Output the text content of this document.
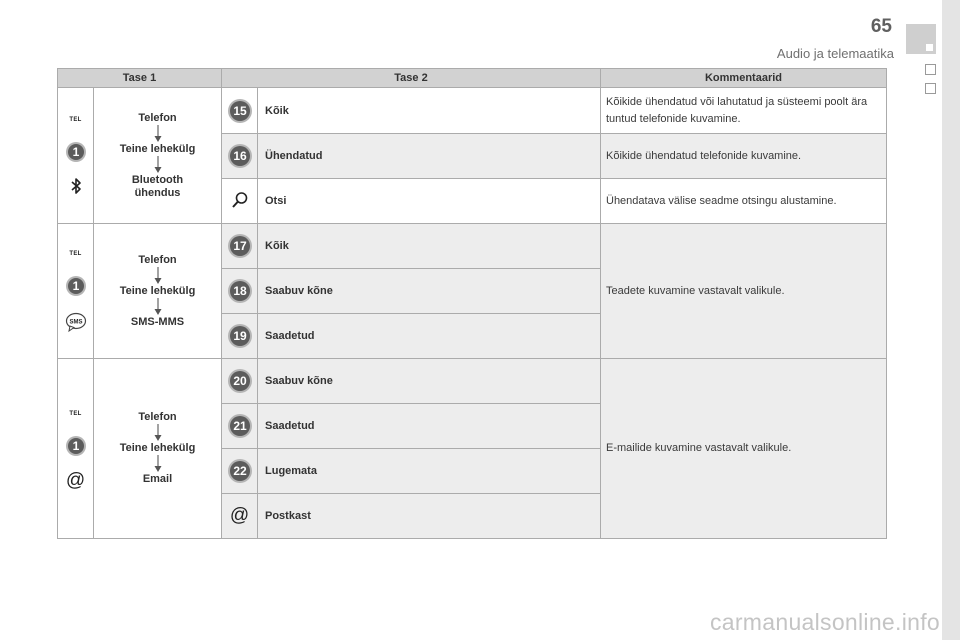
65
Audio ja telemaatika
Tase 1		Tase 2		Kommentaarid

TEL
1	Telefon
Teine lehekülg
Bluetooth ühendus	15	Kõik	Kõikide ühendatud või lahutatud ja süsteemi poolt ära tuntud telefonide kuvamine.

16	Ühendatud	Kõikide ühendatud telefonide kuvamine.
	Otsi	Ühendatava välise seadme otsingu alustamine.

TEL
1
SMS	Telefon
Teine lehekülg
SMS-MMS	17	Kõik	Teadete kuvamine vastavalt valikule.

18	Saabuv kõne	

19	Saadetud	

TEL
1
@	Telefon
Teine lehekülg
Email	20	Saabuv kõne	E-mailide kuvamine vastavalt valikule.

21	Saadetud	

22	Lugemata	
		@	Postkast	
carmanualsonline.info
